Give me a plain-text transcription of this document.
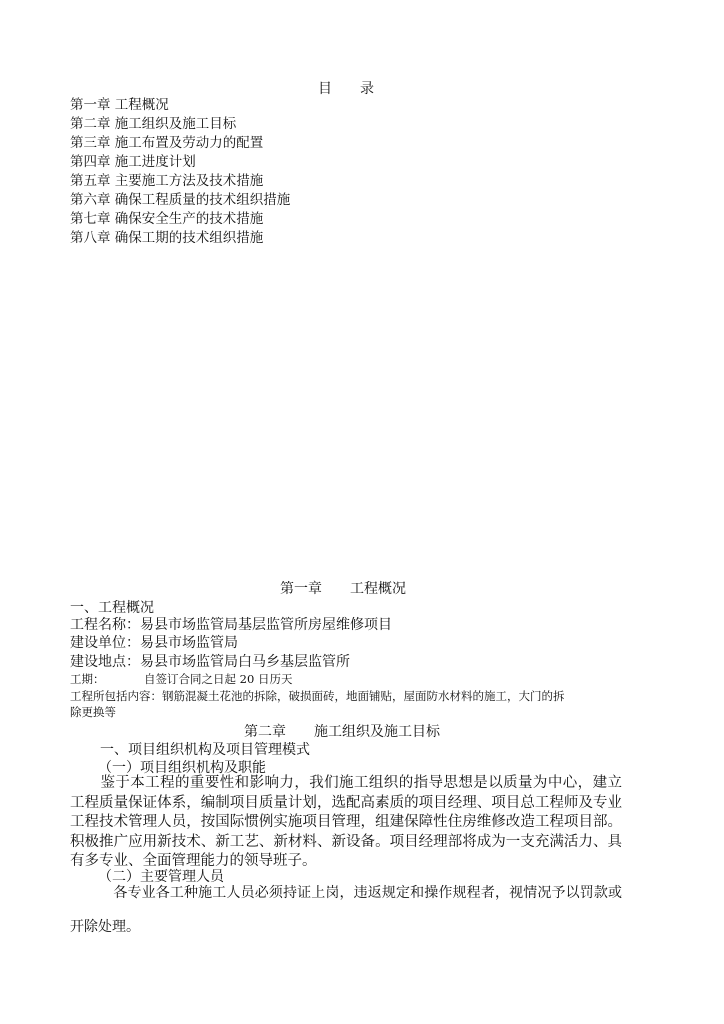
目　　录
第一章 工程概况
第二章 施工组织及施工目标
第三章 施工布置及劳动力的配置
第四章 施工进度计划
第五章 主要施工方法及技术措施
第六章 确保工程质量的技术组织措施
第七章 确保安全生产的技术措施
第八章 确保工期的技术组织措施
第一章　　工程概况
一、工程概况
工程名称：易县市场监管局基层监管所房屋维修项目
建设单位：易县市场监管局
建设地点：易县市场监管局白马乡基层监管所
工期：	自签订合同之日起 20 日历天
工程所包括内容：钢筋混凝土花池的拆除，破损面砖，地面铺贴，屋面防水材料的施工，大门的拆
除更换等
第二章　　施工组织及施工目标
一、项目组织机构及项目管理模式
（一）项目组织机构及职能

鉴于本工程的重要性和影响力，我们施工组织的指导思想是以质量为中心，建立工程质量保证体系，编制项目质量计划，选配高素质的项目经理、项目总工程师及专业工程技术管理人员，按国际惯例实施项目管理，组建保障性住房维修改造工程项目部。积极推广应用新技术、新工艺、新材料、新设备。项目经理部将成为一支充满活力、具有多专业、全面管理能力的领导班子。

（二）主要管理人员

各专业各工种施工人员必须持证上岗，违返规定和操作规程者，视情况予以罚款或开除处理。
